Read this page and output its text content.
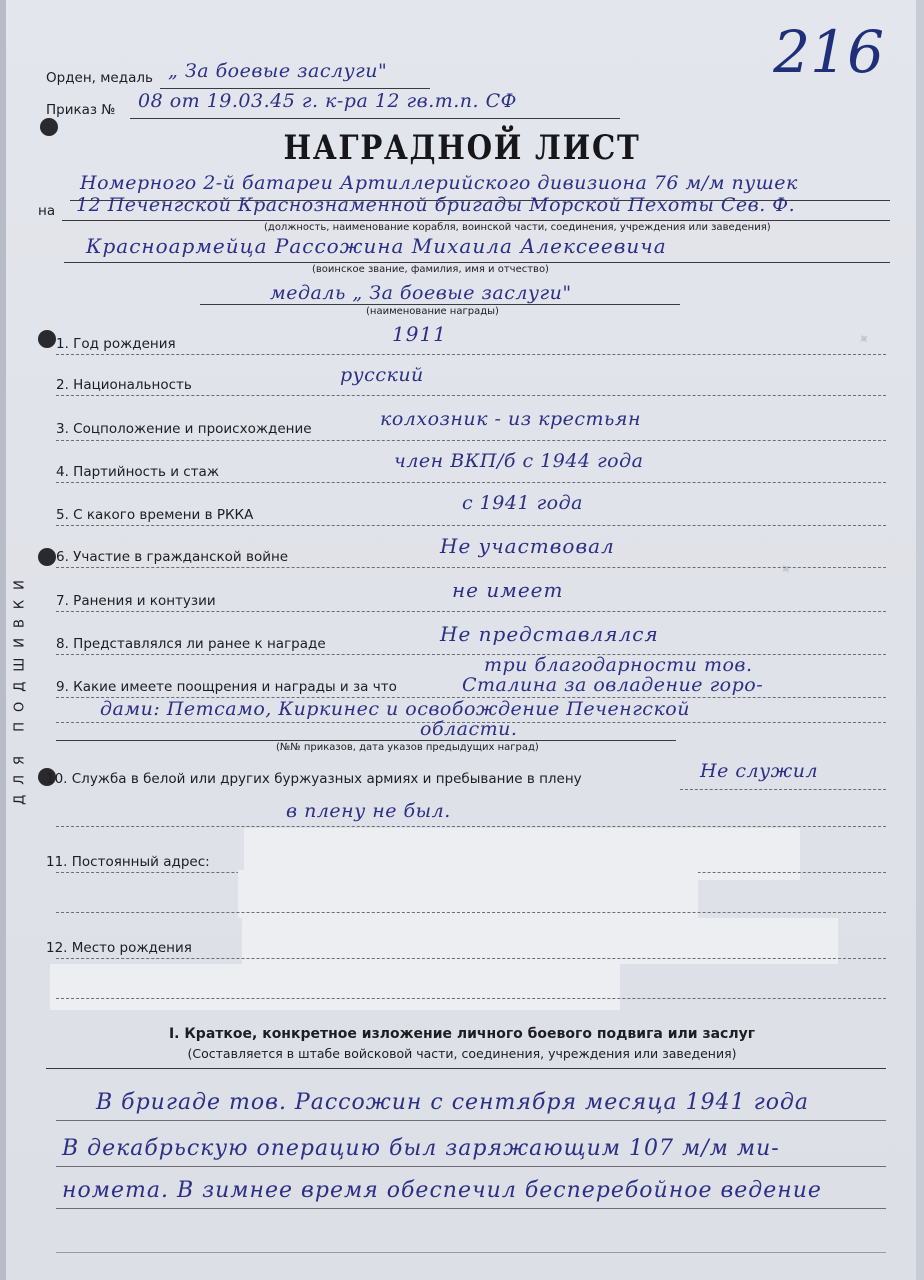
✦
✦
216
Орден, медаль „ За боевые заслуги"
Приказ № 08 от 19.03.45 г. к-ра 12 гв.т.п. СФ
НАГРАДНОЙ ЛИСТ
Номерного 2-й батареи Артиллерийского дивизиона 76 м/м пушек
на 12 Печенгской Краснознаменной бригады Морской Пехоты Сев. Ф.
(должность, наименование корабля, воинской части, соединения, учреждения или заведения)
Красноармейца Рассожина Михаила Алексеевича
(воинское звание, фамилия, имя и отчество)
медаль „ За боевые заслуги"
(наименование награды)
1. Год рождения	1911
2. Национальность	русский
3. Соцположение и происхождение	колхозник - из крестьян
4. Партийность и стаж	член ВКП/б с 1944 года
5. С какого времени в РККА
с 1941 года
6. Участие в гражданской войне	Не участвовал
7. Ранения и контузии	не имеет
8. Представлялся ли ранее к награде	Не представлялся
три благодарности тов.
9. Какие имеете поощрения и награды и за что	Сталина за овладение горо-
дами: Петсамо, Киркинес и освобождение Печенгской
области.
(№№ приказов, дата указов предыдущих наград)
10. Служба в белой или других буржуазных армиях и пребывание в плену	Не служил
в плену не был.
11. Постоянный адрес:
12. Место рождения
ДЛЯ ПОДШИВКИ
I. Краткое, конкретное изложение личного боевого подвига или заслуг
(Составляется в штабе войсковой части, соединения, учреждения или заведения)
В бригаде тов. Рассожин с сентября месяца 1941 года
В декабрьскую операцию был заряжающим 107 м/м ми-
номета. В зимнее время обеспечил бесперебойное ведение
